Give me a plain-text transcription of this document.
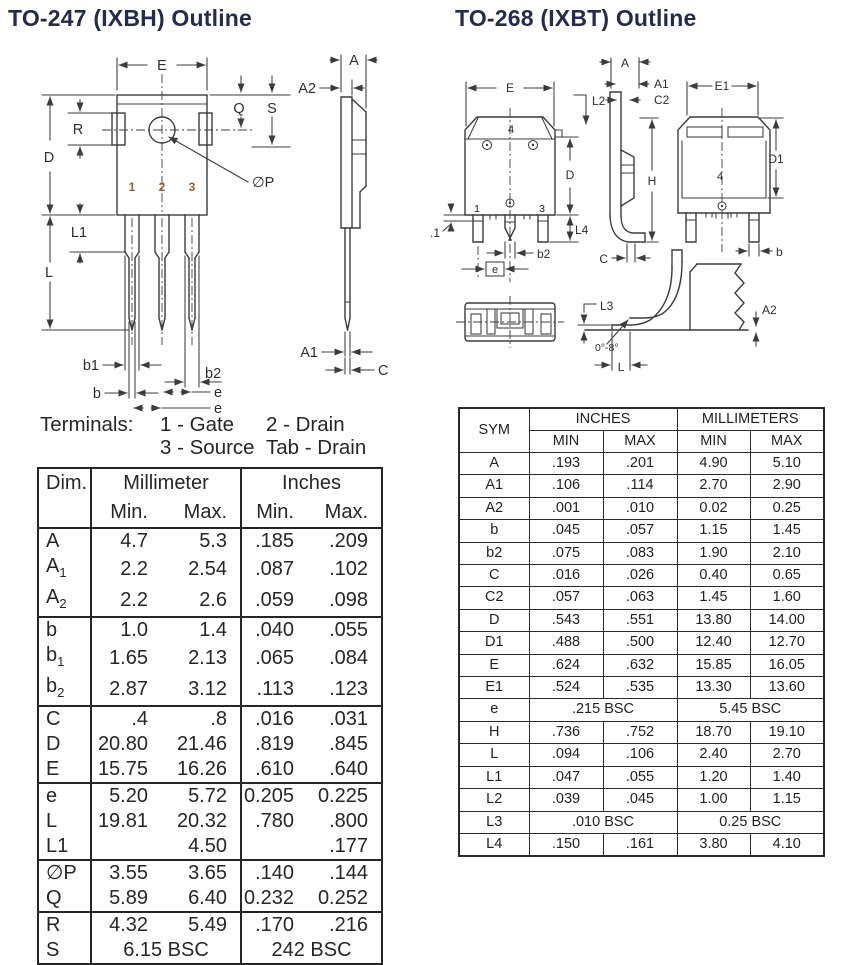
TO-247 (IXBH) Outline	TO-268 (IXBT) Outline
1 2 3
E
D
R
L1
L
b1
b
b2
e
e
Q S
∅P
A
A2
A1
C
4
1	3
E
L2
D
L4
.1
b2
e
A
A1
C2
H
C
4
E1
D1
b
L3
0°-8°
L
A2
Terminals:	1 - Gate	2 - Drain
3 - Source Tab - Drain
Dim.	Millimeter		Inches	
	Min.	Max.	Min.	Max.
A	4.7	5.3	.185	.209
$A_1$	2.2	2.54	.087	.102
$A_2$	2.2	2.6	.059	.098
b	1.0	1.4	.040	.055
$b_1$	1.65	2.13	.065	.084
$b_2$	2.87	3.12	.113	.123
C	.4	.8	.016	.031
D	20.80	21.46	.819	.845
E	15.75	16.26	.610	.640
e	5.20	5.72	0.205	0.225
L	19.81	20.32	.780	.800
L1		4.50		.177
∅P	3.55	3.65	.140	.144
Q	5.89	6.40	0.232	0.252
R	4.32	5.49	.170	.216
S	6.15 BSC		242 BSC	
SYM	INCHES		MILLIMETERS	
	MIN	MAX	MIN	MAX
A	.193	.201	4.90	5.10
A1	.106	.114	2.70	2.90
A2	.001	.010	0.02	0.25
b	.045	.057	1.15	1.45
b2	.075	.083	1.90	2.10
C	.016	.026	0.40	0.65
C2	.057	.063	1.45	1.60
D	.543	.551	13.80	14.00
D1	.488	.500	12.40	12.70
E	.624	.632	15.85	16.05
E1	.524	.535	13.30	13.60
e	.215 BSC		5.45 BSC	
H	.736	.752	18.70	19.10
L	.094	.106	2.40	2.70
L1	.047	.055	1.20	1.40
L2	.039	.045	1.00	1.15
L3	.010 BSC		0.25 BSC	
L4	.150	.161	3.80	4.10
